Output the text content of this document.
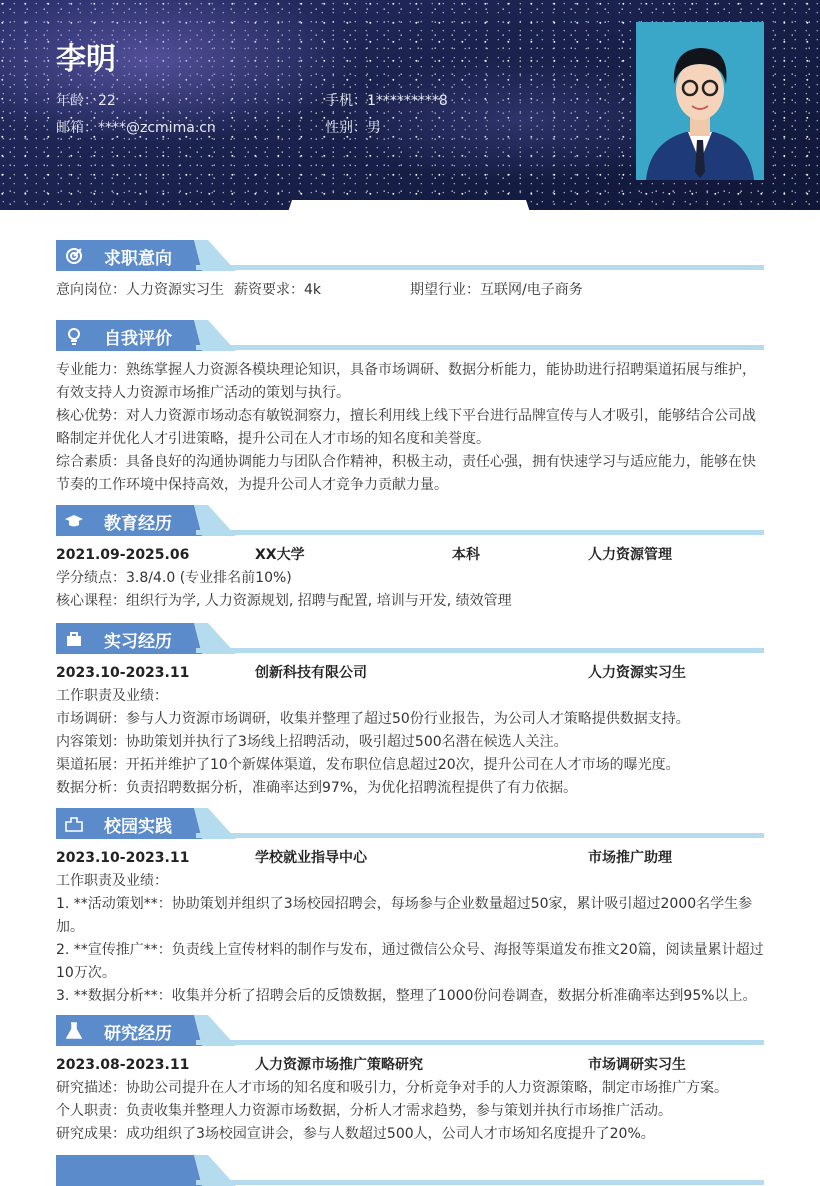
李明
年龄：22	手机：1*********8
邮箱：****@zcmima.cn	性别：男
求职意向
意向岗位：人力资源实习生 薪资要求：4k	期望行业：互联网/电子商务
自我评价

专业能力：熟练掌握人力资源各模块理论知识，具备市场调研、数据分析能力，能协助进行招聘渠道拓展与维护，有效支持人力资源市场推广活动的策划与执行。

核心优势：对人力资源市场动态有敏锐洞察力，擅长利用线上线下平台进行品牌宣传与人才吸引，能够结合公司战略制定并优化人才引进策略，提升公司在人才市场的知名度和美誉度。

综合素质：具备良好的沟通协调能力与团队合作精神，积极主动，责任心强，拥有快速学习与适应能力，能够在快节奏的工作环境中保持高效，为提升公司人才竞争力贡献力量。

教育经历
2021.09-2025.06	XX大学	本科	人力资源管理

学分绩点：3.8/4.0 (专业排名前10%)

核心课程：组织行为学, 人力资源规划, 招聘与配置, 培训与开发, 绩效管理

实习经历
2023.10-2023.11	创新科技有限公司	人力资源实习生

工作职责及业绩：

市场调研：参与人力资源市场调研，收集并整理了超过50份行业报告，为公司人才策略提供数据支持。

内容策划：协助策划并执行了3场线上招聘活动，吸引超过500名潜在候选人关注。

渠道拓展：开拓并维护了10个新媒体渠道，发布职位信息超过20次，提升公司在人才市场的曝光度。

数据分析：负责招聘数据分析，准确率达到97%，为优化招聘流程提供了有力依据。

校园实践
2023.10-2023.11	学校就业指导中心	市场推广助理

工作职责及业绩：

1. **活动策划**：协助策划并组织了3场校园招聘会，每场参与企业数量超过50家，累计吸引超过2000名学生参加。

2. **宣传推广**：负责线上宣传材料的制作与发布，通过微信公众号、海报等渠道发布推文20篇，阅读量累计超过10万次。

3. **数据分析**：收集并分析了招聘会后的反馈数据，整理了1000份问卷调查，数据分析准确率达到95%以上。

研究经历
2023.08-2023.11	人力资源市场推广策略研究	市场调研实习生

研究描述：协助公司提升在人才市场的知名度和吸引力，分析竞争对手的人力资源策略，制定市场推广方案。

个人职责：负责收集并整理人力资源市场数据，分析人才需求趋势，参与策划并执行市场推广活动。

研究成果：成功组织了3场校园宣讲会，参与人数超过500人，公司人才市场知名度提升了20%。
